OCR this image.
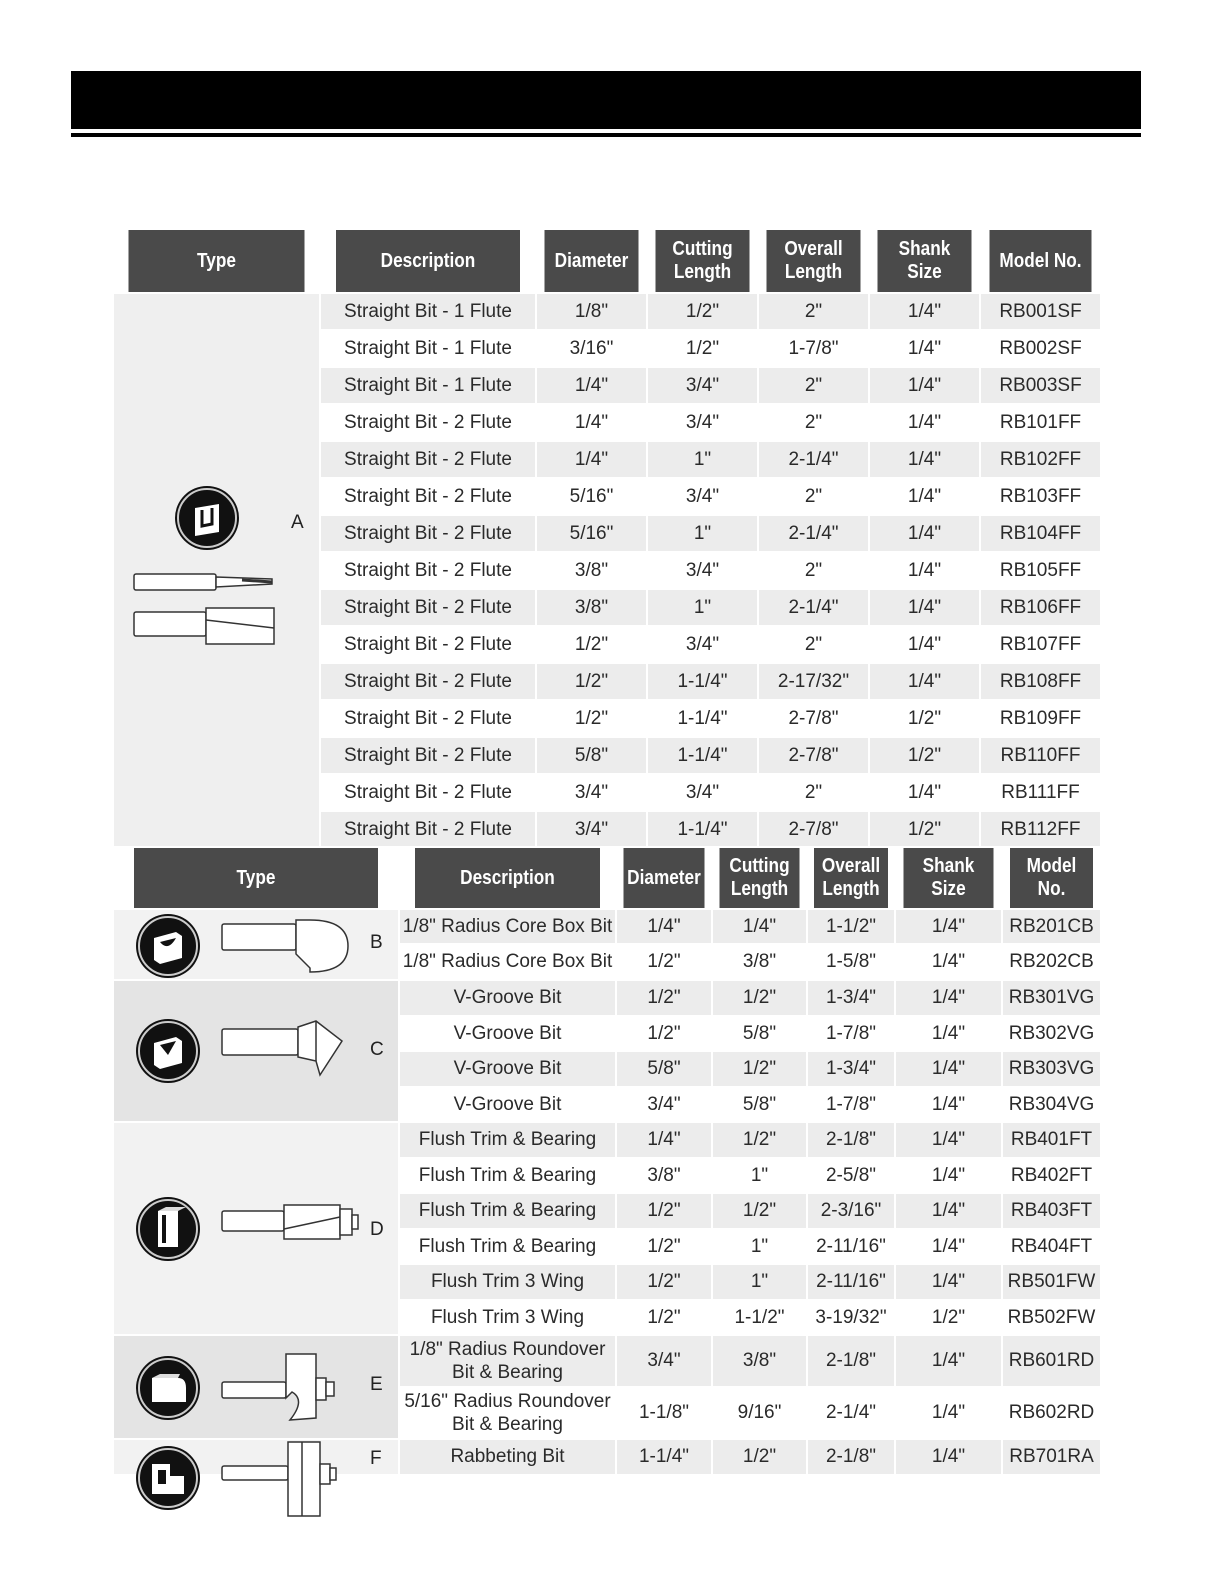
Type	Description	Diameter	Cutting Length	Overall Length	Shank Size	Model No.

A	Straight Bit - 1 Flute	1/8"	1/2"	2"	1/4"	RB001SF
	Straight Bit - 1 Flute	3/16"	1/2"	1-7/8"	1/4"	RB002SF
	Straight Bit - 1 Flute	1/4"	3/4"	2"	1/4"	RB003SF
	Straight Bit - 2 Flute	1/4"	3/4"	2"	1/4"	RB101FF
	Straight Bit - 2 Flute	1/4"	1"	2-1/4"	1/4"	RB102FF
	Straight Bit - 2 Flute	5/16"	3/4"	2"	1/4"	RB103FF
	Straight Bit - 2 Flute	5/16"	1"	2-1/4"	1/4"	RB104FF
	Straight Bit - 2 Flute	3/8"	3/4"	2"	1/4"	RB105FF
	Straight Bit - 2 Flute	3/8"	1"	2-1/4"	1/4"	RB106FF
	Straight Bit - 2 Flute	1/2"	3/4"	2"	1/4"	RB107FF
	Straight Bit - 2 Flute	1/2"	1-1/4"	2-17/32"	1/4"	RB108FF
	Straight Bit - 2 Flute	1/2"	1-1/4"	2-7/8"	1/2"	RB109FF
	Straight Bit - 2 Flute	5/8"	1-1/4"	2-7/8"	1/2"	RB110FF
	Straight Bit - 2 Flute	3/4"	3/4"	2"	1/4"	RB111FF
	Straight Bit - 2 Flute	3/4"	1-1/4"	2-7/8"	1/2"	RB112FF
Type	Description	Diameter	Cutting Length	Overall Length	Shank Size	Model No.

B	1/8" Radius Core Box Bit	1/4"	1/4"	1-1/2"	1/4"	RB201CB
	1/8" Radius Core Box Bit	1/2"	3/8"	1-5/8"	1/4"	RB202CB

C	V-Groove Bit	1/2"	1/2"	1-3/4"	1/4"	RB301VG
	V-Groove Bit	1/2"	5/8"	1-7/8"	1/4"	RB302VG
	V-Groove Bit	5/8"	1/2"	1-3/4"	1/4"	RB303VG
	V-Groove Bit	3/4"	5/8"	1-7/8"	1/4"	RB304VG

D	Flush Trim & Bearing	1/4"	1/2"	2-1/8"	1/4"	RB401FT
	Flush Trim & Bearing	3/8"	1"	2-5/8"	1/4"	RB402FT
	Flush Trim & Bearing	1/2"	1/2"	2-3/16"	1/4"	RB403FT
	Flush Trim & Bearing	1/2"	1"	2-11/16"	1/4"	RB404FT
	Flush Trim 3 Wing	1/2"	1"	2-11/16"	1/4"	RB501FW
	Flush Trim 3 Wing	1/2"	1-1/2"	3-19/32"	1/2"	RB502FW

E	1/8" Radius Roundover Bit & Bearing	3/4"	3/8"	2-1/8"	1/4"	RB601RD
	5/16" Radius Roundover Bit & Bearing	1-1/8"	9/16"	2-1/4"	1/4"	RB602RD

F	Rabbeting Bit	1-1/4"	1/2"	2-1/8"	1/4"	RB701RA
